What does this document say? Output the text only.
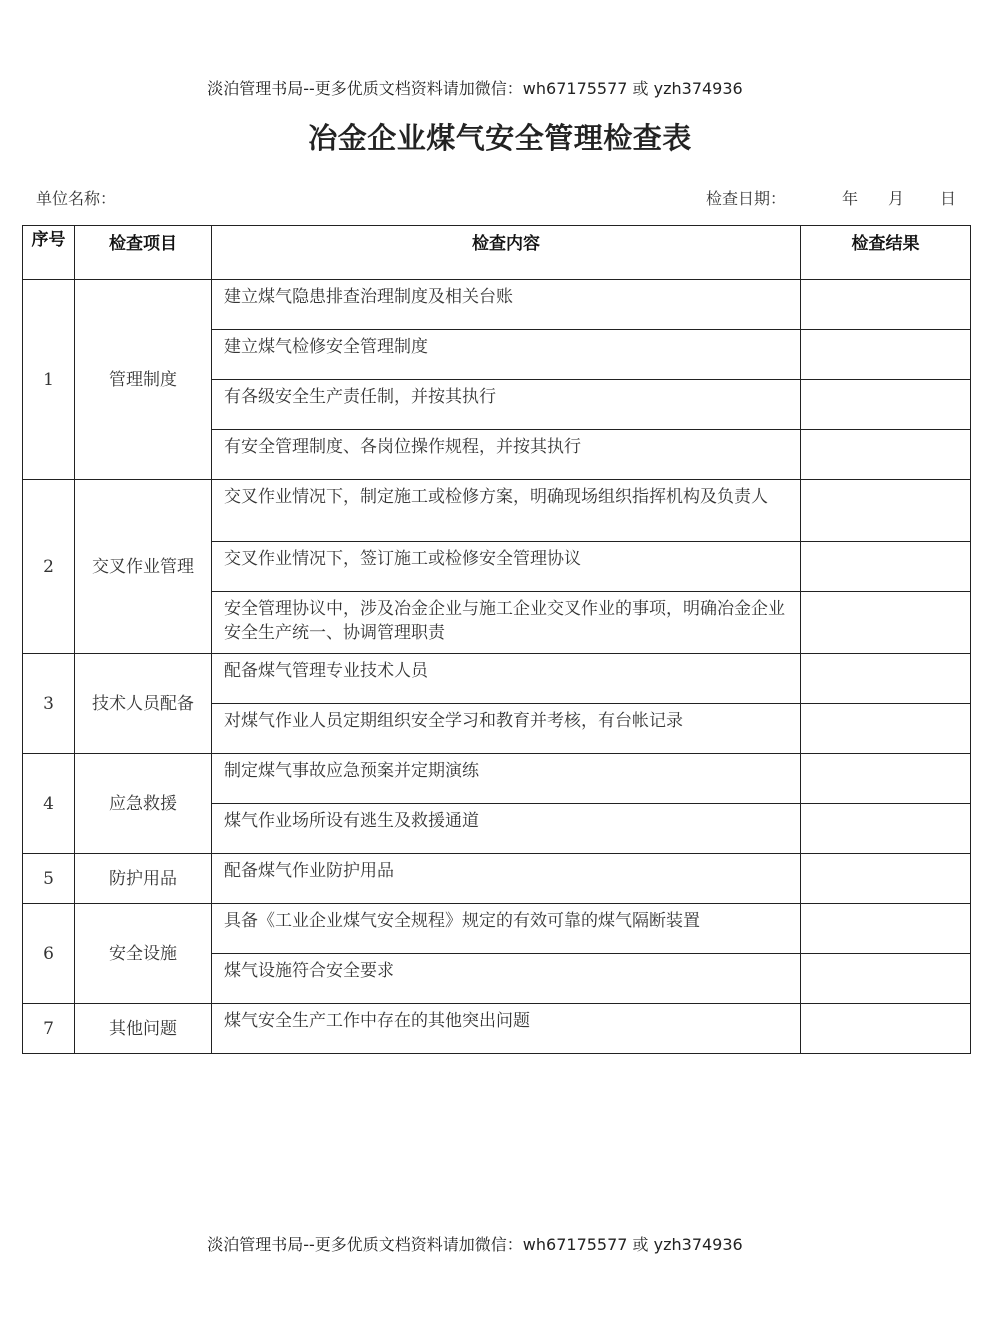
淡泊管理书局--更多优质文档资料请加微信：wh67175577 或 yzh374936
冶金企业煤气安全管理检查表
单位名称：	检查日期：	年 月 日
序号	检查项目	检查内容	检查结果
1	管理制度	建立煤气隐患排查治理制度及相关台账	
		建立煤气检修安全管理制度	
		有各级安全生产责任制，并按其执行	
		有安全管理制度、各岗位操作规程，并按其执行	
2	交叉作业管理	交叉作业情况下，制定施工或检修方案，明确现场组织指挥机构及负责人	
		交叉作业情况下，签订施工或检修安全管理协议	
		安全管理协议中，涉及冶金企业与施工企业交叉作业的事项，明确冶金企业安全生产统一、协调管理职责	
3	技术人员配备	配备煤气管理专业技术人员	
		对煤气作业人员定期组织安全学习和教育并考核，有台帐记录	
4	应急救援	制定煤气事故应急预案并定期演练	
		煤气作业场所设有逃生及救援通道	
5	防护用品	配备煤气作业防护用品	
6	安全设施	具备《工业企业煤气安全规程》规定的有效可靠的煤气隔断装置	
		煤气设施符合安全要求	
7	其他问题	煤气安全生产工作中存在的其他突出问题	
淡泊管理书局--更多优质文档资料请加微信：wh67175577 或 yzh374936
